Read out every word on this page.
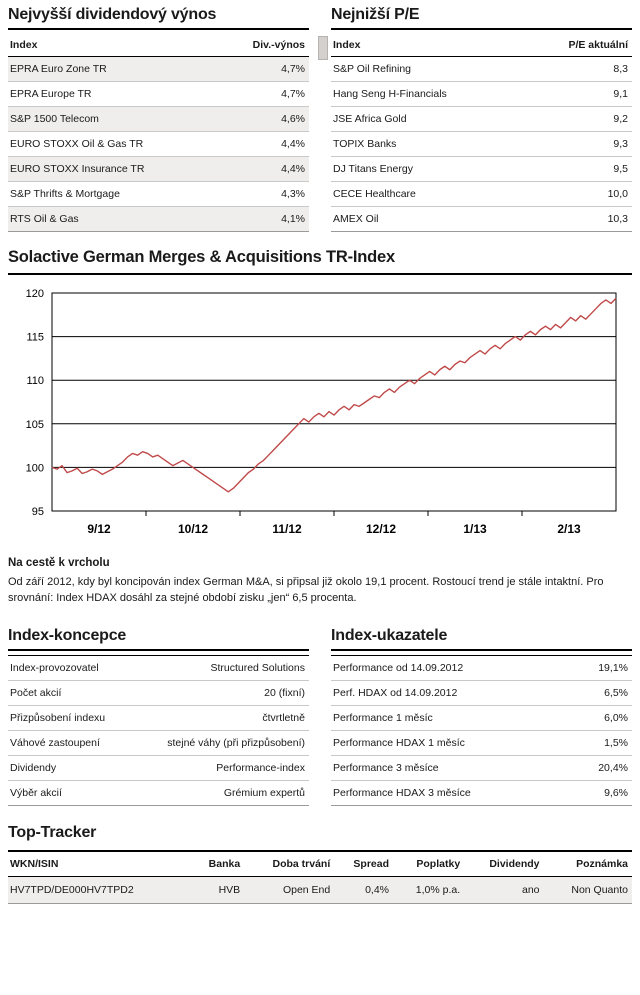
Nejvyšší dividendový výnos
Index	Div.-výnos
EPRA Euro Zone TR	4,7%
EPRA Europe TR	4,7%
S&P 1500 Telecom	4,6%
EURO STOXX Oil & Gas TR	4,4%
EURO STOXX Insurance TR	4,4%
S&P Thrifts & Mortgage	4,3%
RTS Oil & Gas	4,1%
Nejnižší P/E
Index	P/E aktuální
S&P Oil Refining	8,3
Hang Seng H-Financials	9,1
JSE Africa Gold	9,2
TOPIX Banks	9,3
DJ Titans Energy	9,5
CECE Healthcare	10,0
AMEX Oil	10,3
Solactive German Merges & Acquisitions TR-Index
95
100
105
110
115
120
9/12	10/12	11/12	12/12	1/13	2/13
Na cestě k vrcholu

Od září 2012, kdy byl koncipován index German M&A, si připsal již okolo 19,1 procent. Rostoucí trend je stále intaktní. Pro srovnání: Index HDAX dosáhl za stejné období zisku „jen“ 6,5 procenta.

Index-koncepce
Index-provozovatel	Structured Solutions
Počet akcií	20 (fixní)
Přizpůsobení indexu	čtvrtletně
Váhové zastoupení	stejné váhy (při přizpůsobení)
Dividendy	Performance-index
Výběr akcií	Grémium expertů
Index-ukazatele
Performance od 14.09.2012	19,1%
Perf. HDAX od 14.09.2012	6,5%
Performance 1 měsíc	6,0%
Performance HDAX 1 měsíc	1,5%
Performance 3 měsíce	20,4%
Performance HDAX 3 měsíce	9,6%
Top-Tracker
WKN/ISIN	Banka	Doba trvání	Spread	Poplatky	Dividendy	Poznámka
HV7TPD/DE000HV7TPD2	HVB	Open End	0,4%	1,0% p.a.	ano	Non Quanto
